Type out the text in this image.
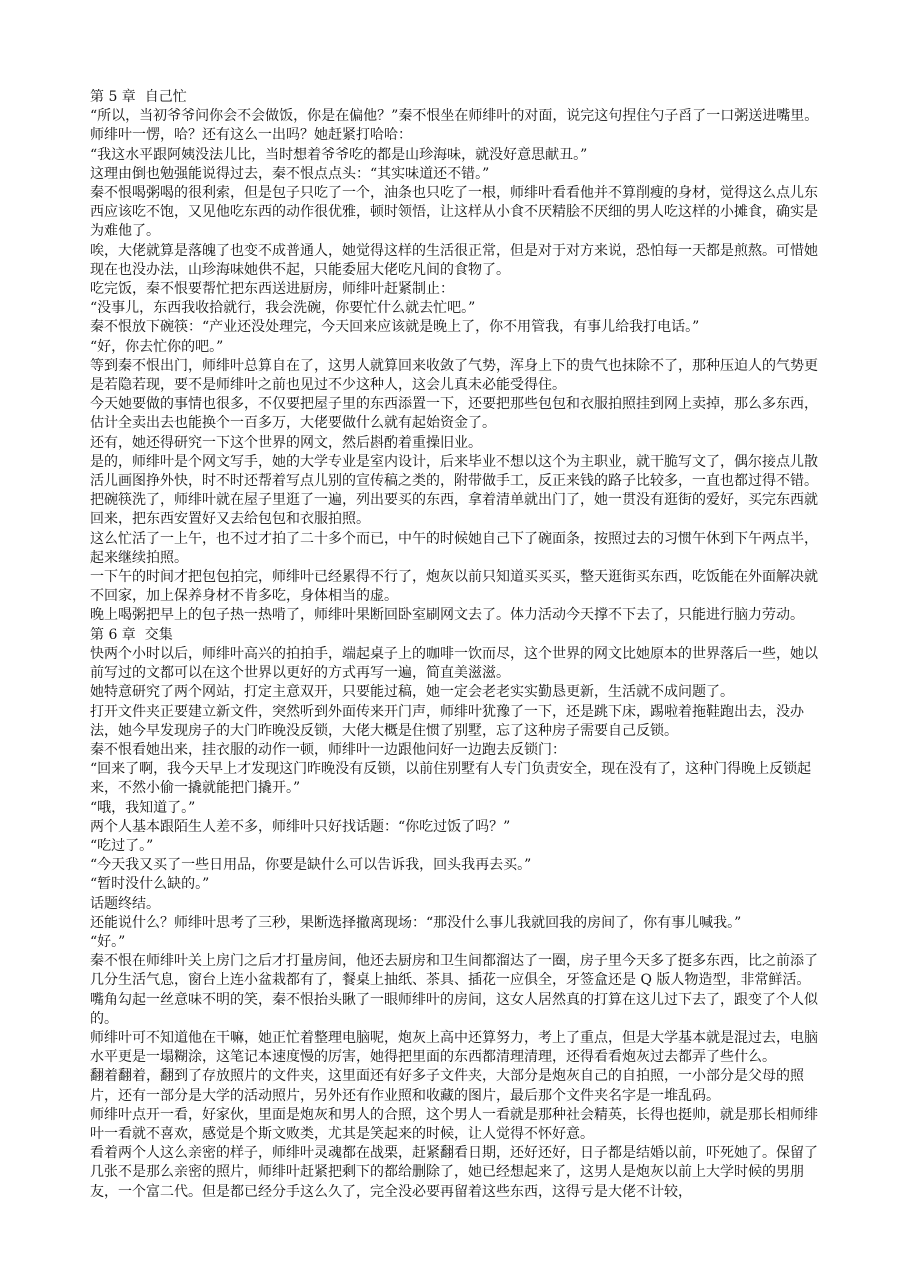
第 5 章  自己忙

“所以，当初爷爷问你会不会做饭，你是在偏他？”秦不恨坐在师绯叶的对面，说完这句捏住勺子舀了一口粥送进嘴里。

师绯叶一愣，哈？还有这么一出吗？她赶紧打哈哈：

“我这水平跟阿姨没法儿比，当时想着爷爷吃的都是山珍海味，就没好意思献丑。”

这理由倒也勉强能说得过去，秦不恨点点头：“其实味道还不错。”

秦不恨喝粥喝的很利索，但是包子只吃了一个，油条也只吃了一根，师绯叶看看他并不算削瘦的身材，觉得这么点儿东西应该吃不饱，又见他吃东西的动作很优雅，顿时领悟，让这样从小食不厌精脍不厌细的男人吃这样的小摊食，确实是为难他了。

唉，大佬就算是落魄了也变不成普通人，她觉得这样的生活很正常，但是对于对方来说，恐怕每一天都是煎熬。可惜她现在也没办法，山珍海味她供不起，只能委屈大佬吃凡间的食物了。

吃完饭，秦不恨要帮忙把东西送进厨房，师绯叶赶紧制止：

“没事儿，东西我收拾就行，我会洗碗，你要忙什么就去忙吧。”

秦不恨放下碗筷：“产业还没处理完，今天回来应该就是晚上了，你不用管我，有事儿给我打电话。”

“好，你去忙你的吧。”

等到秦不恨出门，师绯叶总算自在了，这男人就算回来收敛了气势，浑身上下的贵气也抹除不了，那种压迫人的气势更是若隐若现，要不是师绯叶之前也见过不少这种人，这会儿真未必能受得住。

今天她要做的事情也很多，不仅要把屋子里的东西添置一下，还要把那些包包和衣服拍照挂到网上卖掉，那么多东西，估计全卖出去也能换个一百多万，大佬要做什么就有起始资金了。

还有，她还得研究一下这个世界的网文，然后斟酌着重操旧业。

是的，师绯叶是个网文写手，她的大学专业是室内设计，后来毕业不想以这个为主职业，就干脆写文了，偶尔接点儿散活儿画图挣外快，时不时还帮着写点儿别的宣传稿之类的，附带做手工，反正来钱的路子比较多，一直也都过得不错。

把碗筷洗了，师绯叶就在屋子里逛了一遍，列出要买的东西，拿着清单就出门了，她一贯没有逛街的爱好，买完东西就回来，把东西安置好又去给包包和衣服拍照。

这么忙活了一上午，也不过才拍了二十多个而已，中午的时候她自己下了碗面条，按照过去的习惯午休到下午两点半，起来继续拍照。

一下午的时间才把包包拍完，师绯叶已经累得不行了，炮灰以前只知道买买买，整天逛街买东西，吃饭能在外面解决就不回家，加上保养身材不肯多吃，身体相当的虚。

晚上喝粥把早上的包子热一热啃了，师绯叶果断回卧室刷网文去了。体力活动今天撑不下去了，只能进行脑力劳动。

第 6 章  交集

快两个小时以后，师绯叶高兴的拍拍手，端起桌子上的咖啡一饮而尽，这个世界的网文比她原本的世界落后一些，她以前写过的文都可以在这个世界以更好的方式再写一遍，简直美滋滋。

她特意研究了两个网站，打定主意双开，只要能过稿，她一定会老老实实勤恳更新，生活就不成问题了。

打开文件夹正要建立新文件，突然听到外面传来开门声，师绯叶犹豫了一下，还是跳下床，踢啦着拖鞋跑出去，没办法，她今早发现房子的大门昨晚没反锁，大佬大概是住惯了别墅，忘了这种房子需要自己反锁。

秦不恨看她出来，挂衣服的动作一顿，师绯叶一边跟他问好一边跑去反锁门：

“回来了啊，我今天早上才发现这门昨晚没有反锁，以前住别墅有人专门负责安全，现在没有了，这种门得晚上反锁起来，不然小偷一撬就能把门撬开。”

“哦，我知道了。”

两个人基本跟陌生人差不多，师绯叶只好找话题：“你吃过饭了吗？”

“吃过了。”

“今天我又买了一些日用品，你要是缺什么可以告诉我，回头我再去买。”

“暂时没什么缺的。”

话题终结。

还能说什么？师绯叶思考了三秒，果断选择撤离现场：“那没什么事儿我就回我的房间了，你有事儿喊我。”

“好。”

秦不恨在师绯叶关上房门之后才打量房间，他还去厨房和卫生间都溜达了一圈，房子里今天多了挺多东西，比之前添了几分生活气息，窗台上连小盆栽都有了，餐桌上抽纸、茶具、插花一应俱全，牙签盒还是 Q 版人物造型，非常鲜活。

嘴角勾起一丝意味不明的笑，秦不恨抬头瞅了一眼师绯叶的房间，这女人居然真的打算在这儿过下去了，跟变了个人似的。

师绯叶可不知道他在干嘛，她正忙着整理电脑呢，炮灰上高中还算努力，考上了重点，但是大学基本就是混过去，电脑水平更是一塌糊涂，这笔记本速度慢的厉害，她得把里面的东西都清理清理，还得看看炮灰过去都弄了些什么。

翻着翻着，翻到了存放照片的文件夹，这里面还有好多子文件夹，大部分是炮灰自己的自拍照，一小部分是父母的照片，还有一部分是大学的活动照片，另外还有作业照和收藏的图片，最后那个文件夹名字是一堆乱码。

师绯叶点开一看，好家伙，里面是炮灰和男人的合照，这个男人一看就是那种社会精英，长得也挺帅，就是那长相师绯叶一看就不喜欢，感觉是个斯文败类，尤其是笑起来的时候，让人觉得不怀好意。

看着两个人这么亲密的样子，师绯叶灵魂都在战栗，赶紧翻看日期，还好还好，日子都是结婚以前，吓死她了。保留了几张不是那么亲密的照片，师绯叶赶紧把剩下的都给删除了，她已经想起来了，这男人是炮灰以前上大学时候的男朋友，一个富二代。但是都已经分手这么久了，完全没必要再留着这些东西，这得亏是大佬不计较，
